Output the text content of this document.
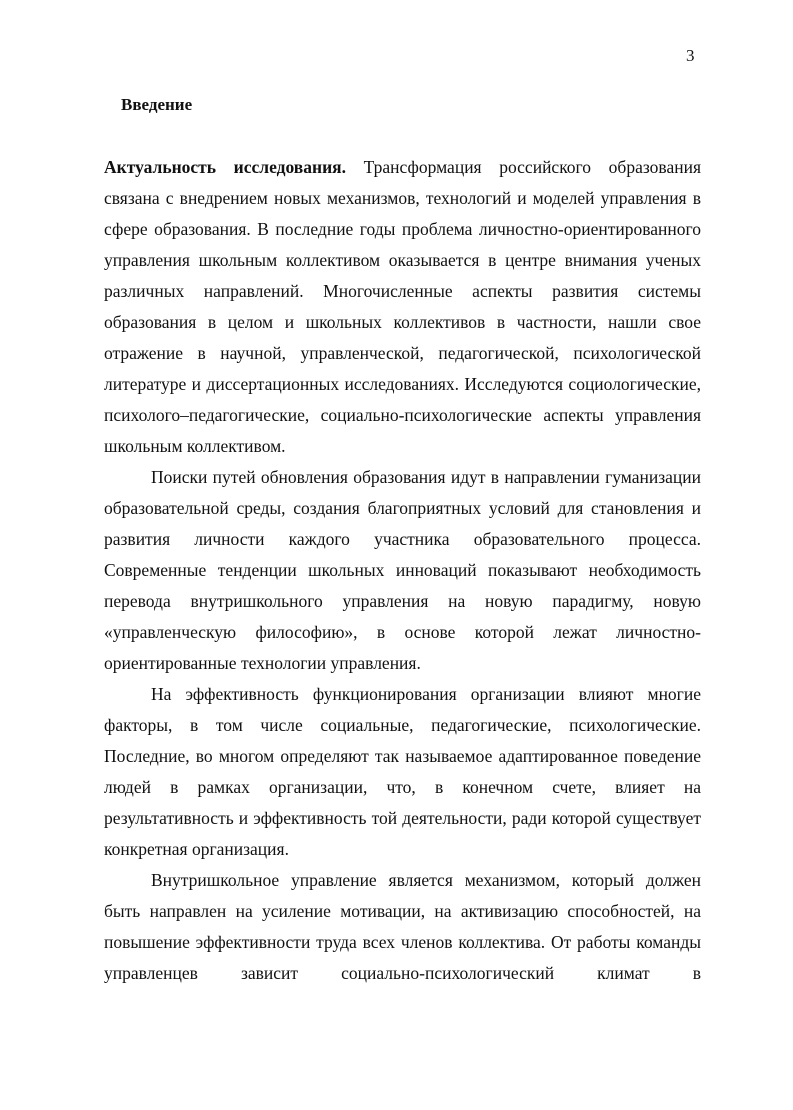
3
Введение

Актуальность исследования. Трансформация российского образования связана с внедрением новых механизмов, технологий и моделей управления в сфере образования. В последние годы проблема личностно-ориентированного управления школьным коллективом оказывается в центре внимания ученых различных направлений. Многочисленные аспекты развития системы образования в целом и школьных коллективов в частности, нашли свое отражение в научной, управленческой, педагогической, психологической литературе и диссертационных исследованиях. Исследуются социологические, психолого–педагогические, социально-психологические аспекты управления школьным коллективом.

Поиски путей обновления образования идут в направлении гуманизации образовательной среды, создания благоприятных условий для становления и развития личности каждого участника образовательного процесса. Современные тенденции школьных инноваций показывают необходимость перевода внутришкольного управления на новую парадигму, новую «управленческую философию», в основе которой лежат личностно-ориентированные технологии управления.

На эффективность функционирования организации влияют многие факторы, в том числе социальные, педагогические, психологические. Последние, во многом определяют так называемое адаптированное поведение людей в рамках организации, что, в конечном счете, влияет на результативность и эффективность той деятельности, ради которой существует конкретная организация.

Внутришкольное управление является механизмом, который должен быть направлен на усиление мотивации, на активизацию способностей, на повышение эффективности труда всех членов коллектива. От работы команды управленцев зависит социально-психологический климат в
